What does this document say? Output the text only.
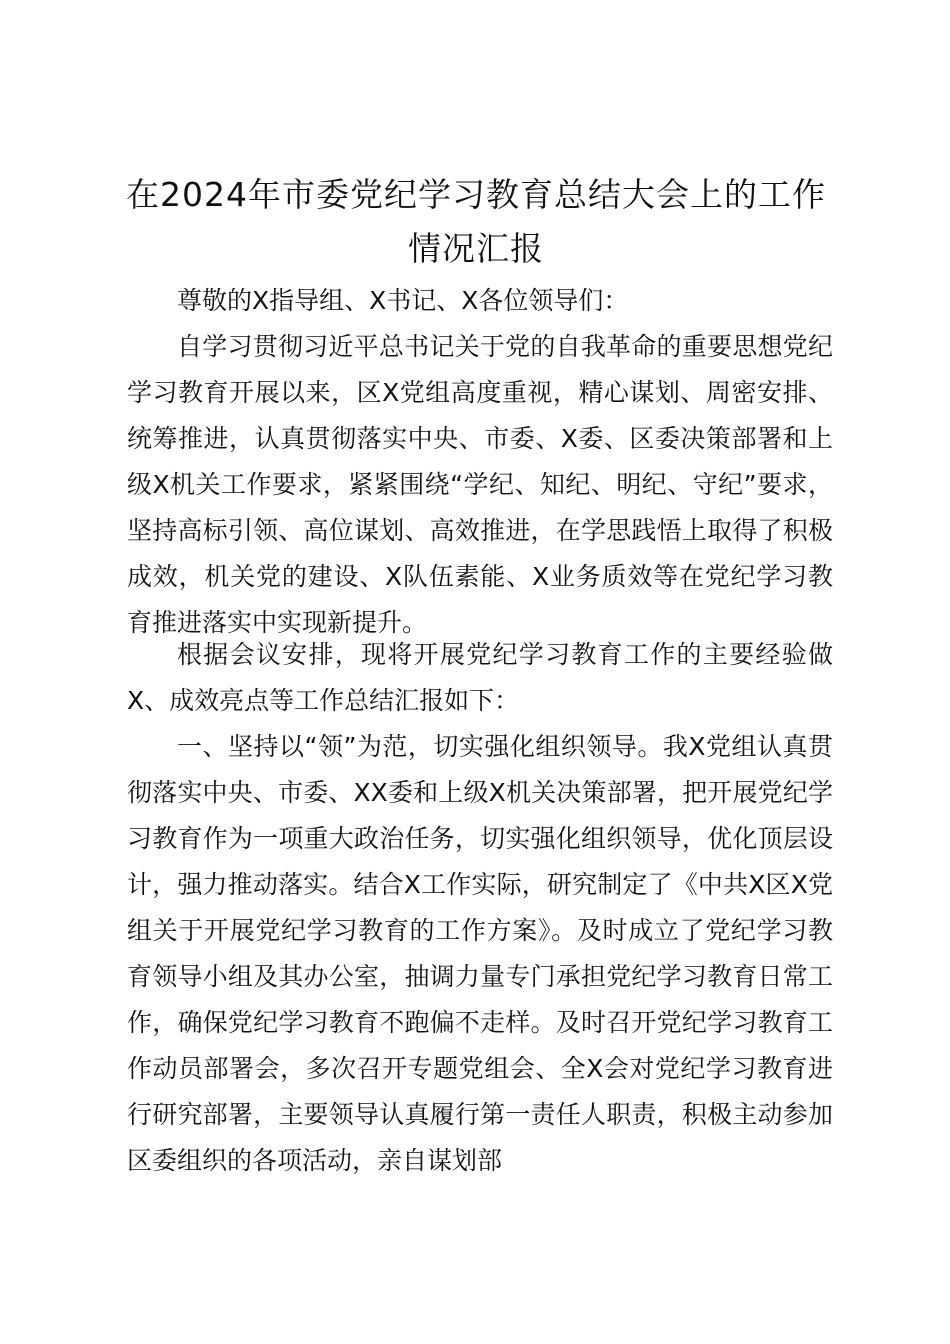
在2024年市委党纪学习教育总结大会上的工作情况汇报

尊敬的X指导组、X书记、X各位领导们：

自学习贯彻习近平总书记关于党的自我革命的重要思想党纪学习教育开展以来，区X党组高度重视，精心谋划、周密安排、统筹推进，认真贯彻落实中央、市委、X委、区委决策部署和上级X机关工作要求，紧紧围绕“学纪、知纪、明纪、守纪”要求，坚持高标引领、高位谋划、高效推进，在学思践悟上取得了积极成效，机关党的建设、X队伍素能、X业务质效等在党纪学习教育推进落实中实现新提升。

根据会议安排，现将开展党纪学习教育工作的主要经验做X、成效亮点等工作总结汇报如下：

一、坚持以“领”为范，切实强化组织领导。我X党组认真贯彻落实中央、市委、XX委和上级X机关决策部署，把开展党纪学习教育作为一项重大政治任务，切实强化组织领导，优化顶层设计，强力推动落实。结合X工作实际，研究制定了《中共X区X党组关于开展党纪学习教育的工作方案》。及时成立了党纪学习教育领导小组及其办公室，抽调力量专门承担党纪学习教育日常工作，确保党纪学习教育不跑偏不走样。及时召开党纪学习教育工作动员部署会，多次召开专题党组会、全X会对党纪学习教育进行研究部署，主要领导认真履行第一责任人职责，积极主动参加区委组织的各项活动，亲自谋划部
